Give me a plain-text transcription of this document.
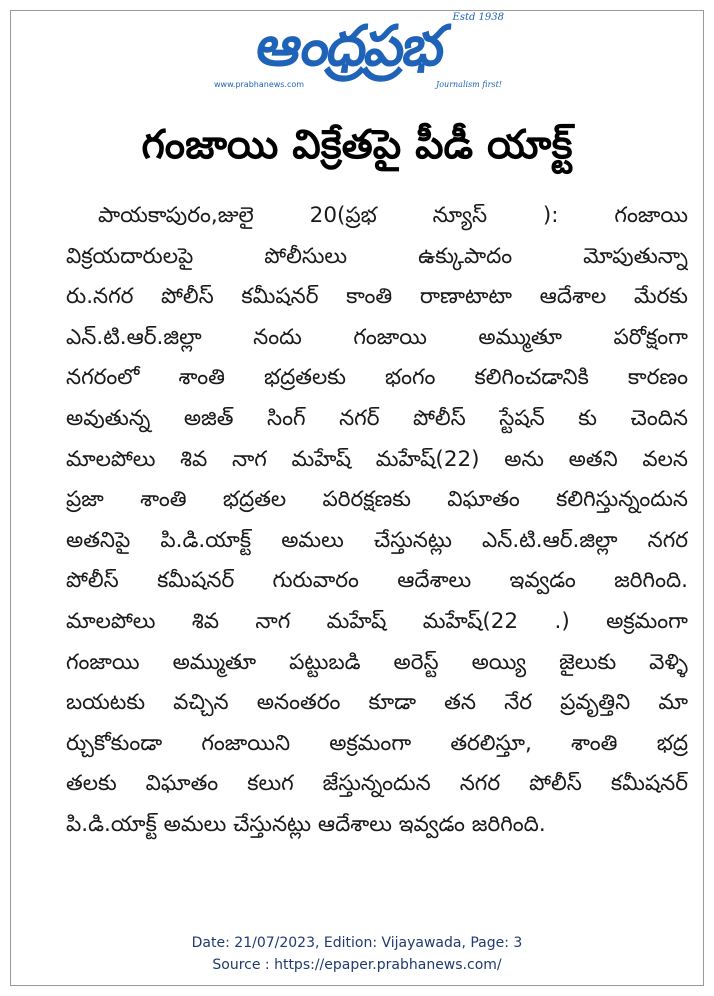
ఆంధ్రప్రభ Estd 1938
www.prabhanews.com	Journalism first!
గంజాయి విక్రేతపై పీడీ యాక్ట్
పాయకాపురం,జులై 20(ప్రభ న్యూస్ ): గంజాయి
విక్రయదారులపై పోలీసులు ఉక్కుపాదం మోపుతున్నా
రు.నగర పోలీస్ కమీషనర్ కాంతి రాణాటాటా ఆదేశాల మేరకు
ఎన్.టి.ఆర్.జిల్లా నందు గంజాయి అమ్ముతూ పరోక్షంగా
నగరంలో శాంతి భద్రతలకు భంగం కలిగించడానికి కారణం
అవుతున్న అజిత్ సింగ్ నగర్ పోలీస్ స్టేషన్ కు చెందిన
మాలపోలు శివ నాగ మహేష్ మహేష్(22) అను అతని వలన
ప్రజా శాంతి భద్రతల పరిరక్షణకు విఘాతం కలిగిస్తున్నందున
అతనిపై పి.డి.యాక్ట్ అమలు చేస్తునట్లు ఎన్.టి.ఆర్.జిల్లా నగర
పోలీస్ కమీషనర్ గురువారం ఆదేశాలు ఇవ్వడం జరిగింది.
మాలపోలు శివ నాగ మహేష్ మహేష్(22 .) అక్రమంగా
గంజాయి అమ్ముతూ పట్టుబడి అరెస్ట్ అయ్యి జైలుకు వెళ్ళి
బయటకు వచ్చిన అనంతరం కూడా తన నేర ప్రవృత్తిని మా
ర్చుకోకుండా గంజాయిని అక్రమంగా తరలిస్తూ, శాంతి భద్ర
తలకు విఘాతం కలుగ జేస్తున్నందున నగర పోలీస్ కమీషనర్
పి.డి.యాక్ట్ అమలు చేస్తునట్లు ఆదేశాలు ఇవ్వడం జరిగింది.
Date: 21/07/2023, Edition: Vijayawada, Page: 3
Source : https://epaper.prabhanews.com/
